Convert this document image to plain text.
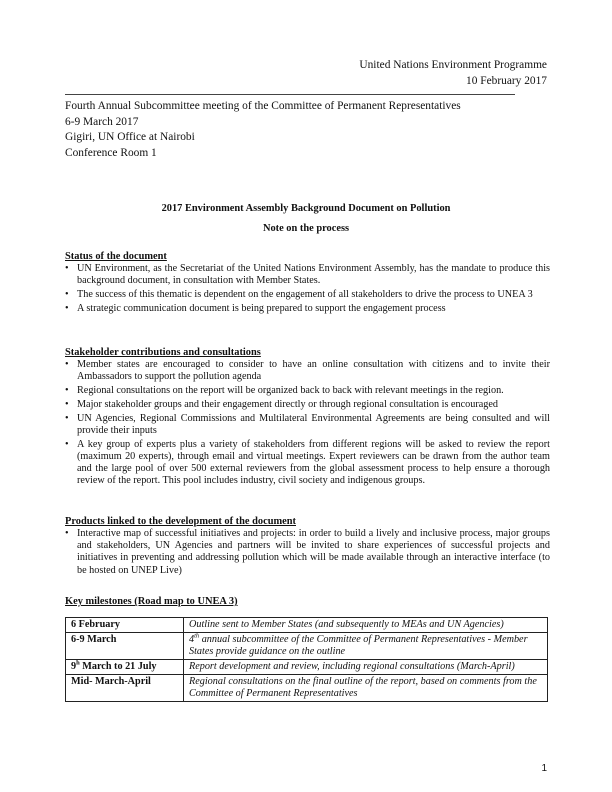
United Nations Environment Programme
10 February 2017
Fourth Annual Subcommittee meeting of the Committee of Permanent Representatives
6-9 March 2017
Gigiri, UN Office at Nairobi
Conference Room 1
2017 Environment Assembly Background Document on Pollution
Note on the process
Status of the document
• UN Environment, as the Secretariat of the United Nations Environment Assembly, has the mandate to produce this background document, in consultation with Member States.
• The success of this thematic is dependent on the engagement of all stakeholders to drive the process to UNEA 3
• A strategic communication document is being prepared to support the engagement process
Stakeholder contributions and consultations
• Member states are encouraged to consider to have an online consultation with citizens and to invite their Ambassadors to support the pollution agenda
• Regional consultations on the report will be organized back to back with relevant meetings in the region.
• Major stakeholder groups and their engagement directly or through regional consultation is encouraged
• UN Agencies, Regional Commissions and Multilateral Environmental Agreements are being consulted and will provide their inputs
• A key group of experts plus a variety of stakeholders from different regions will be asked to review the report (maximum 20 experts), through email and virtual meetings. Expert reviewers can be drawn from the author team and the large pool of over 500 external reviewers from the global assessment process to help ensure a thorough review of the report. This pool includes industry, civil society and indigenous groups.
Products linked to the development of the document
• Interactive map of successful initiatives and projects: in order to build a lively and inclusive process, major groups and stakeholders, UN Agencies and partners will be invited to share experiences of successful projects and initiatives in preventing and addressing pollution which will be made available through an interactive interface (to be hosted on UNEP Live)
Key milestones (Road map to UNEA 3)
6 February	Outline sent to Member States (and subsequently to MEAs and UN Agencies)
6-9 March	4th annual subcommittee of the Committee of Permanent Representatives - Member States provide guidance on the outline
9$^h$ March to 21 July	Report development and review, including regional consultations (March-April)
Mid- March-April	Regional consultations on the final outline of the report, based on comments from the Committee of Permanent Representatives
1
